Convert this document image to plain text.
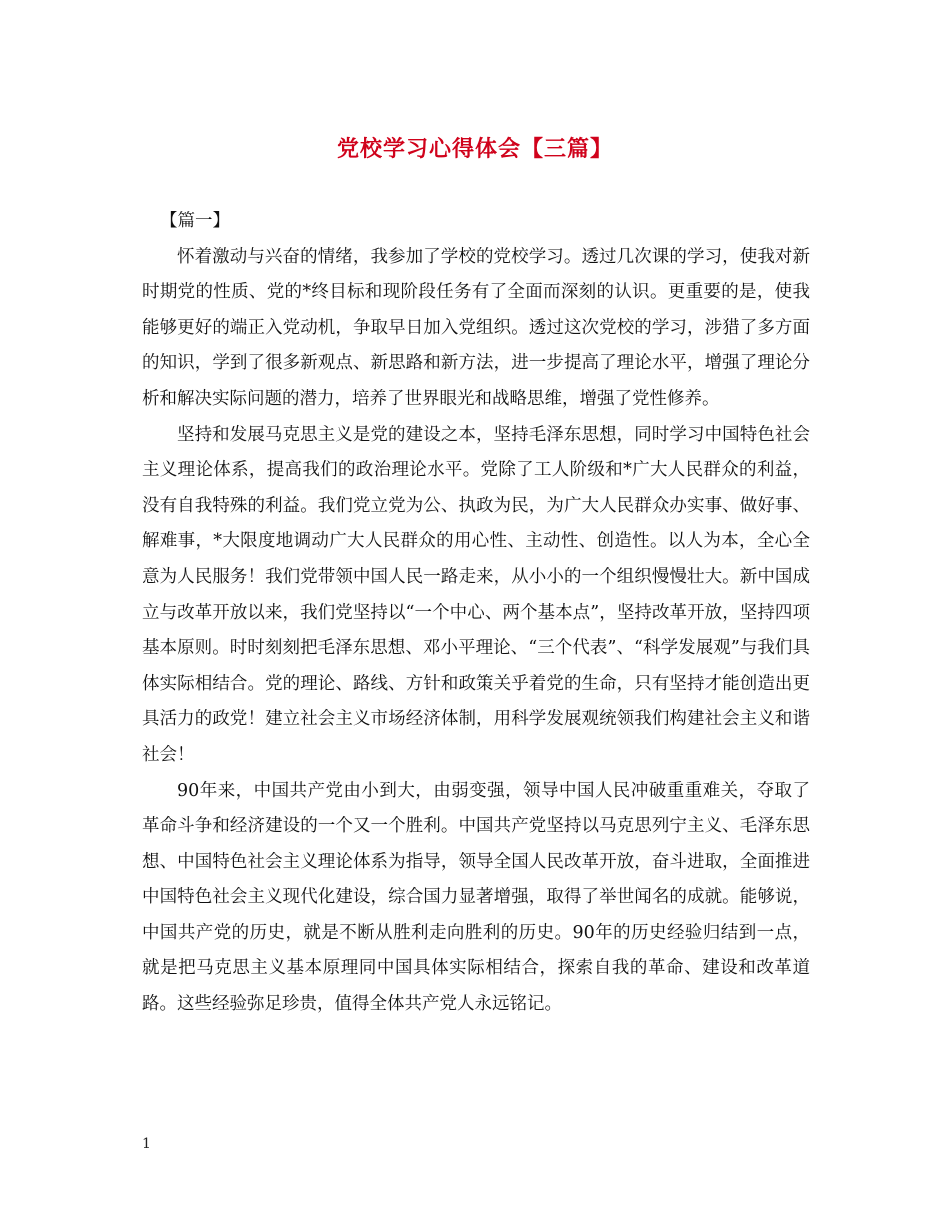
党校学习心得体会【三篇】

【篇一】

怀着激动与兴奋的情绪，我参加了学校的党校学习。透过几次课的学习，使我对新时期党的性质、党的*终目标和现阶段任务有了全面而深刻的认识。更重要的是，使我能够更好的端正入党动机，争取早日加入党组织。透过这次党校的学习，涉猎了多方面的知识，学到了很多新观点、新思路和新方法，进一步提高了理论水平，增强了理论分析和解决实际问题的潜力，培养了世界眼光和战略思维，增强了党性修养。

坚持和发展马克思主义是党的建设之本，坚持毛泽东思想，同时学习中国特色社会主义理论体系，提高我们的政治理论水平。党除了工人阶级和*广大人民群众的利益，没有自我特殊的利益。我们党立党为公、执政为民，为广大人民群众办实事、做好事、解难事，*大限度地调动广大人民群众的用心性、主动性、创造性。以人为本，全心全意为人民服务！我们党带领中国人民一路走来，从小小的一个组织慢慢壮大。新中国成立与改革开放以来，我们党坚持以“一个中心、两个基本点”，坚持改革开放，坚持四项基本原则。时时刻刻把毛泽东思想、邓小平理论、“三个代表”、“科学发展观”与我们具体实际相结合。党的理论、路线、方针和政策关乎着党的生命，只有坚持才能创造出更具活力的政党！建立社会主义市场经济体制，用科学发展观统领我们构建社会主义和谐社会！

90年来，中国共产党由小到大，由弱变强，领导中国人民冲破重重难关，夺取了革命斗争和经济建设的一个又一个胜利。中国共产党坚持以马克思列宁主义、毛泽东思想、中国特色社会主义理论体系为指导，领导全国人民改革开放，奋斗进取，全面推进中国特色社会主义现代化建设，综合国力显著增强，取得了举世闻名的成就。能够说，中国共产党的历史，就是不断从胜利走向胜利的历史。90年的历史经验归结到一点，就是把马克思主义基本原理同中国具体实际相结合，探索自我的革命、建设和改革道路。这些经验弥足珍贵，值得全体共产党人永远铭记。

1
